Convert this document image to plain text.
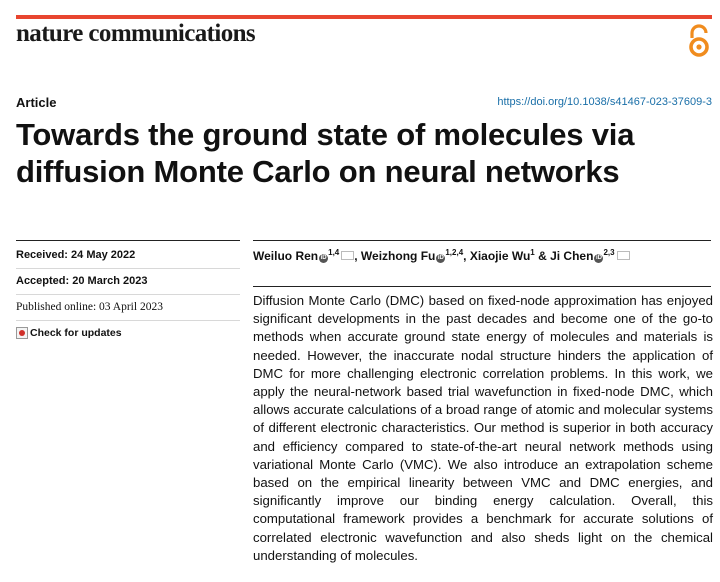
nature communications
Article	https://doi.org/10.1038/s41467-023-37609-3
Towards the ground state of molecules via diffusion Monte Carlo on neural networks
Received: 24 May 2022
Accepted: 20 March 2023
Published online: 03 April 2023
Check for updates
Weiluo Ren iD$^{1,4}$ , Weizhong Fu iD$^{1,2,4}$, Xiaojie Wu$^1$ & Ji Chen iD$^{2,3}$

Diffusion Monte Carlo (DMC) based on fixed-node approximation has enjoyed significant developments in the past decades and become one of the go-to methods when accurate ground state energy of molecules and materials is needed. However, the inaccurate nodal structure hinders the application of DMC for more challenging electronic correlation problems. In this work, we apply the neural-network based trial wavefunction in fixed-node DMC, which allows accurate calculations of a broad range of atomic and molecular systems of different electronic characteristics. Our method is superior in both accuracy and efficiency compared to state-of-the-art neural network methods using variational Monte Carlo (VMC). We also introduce an extrapolation scheme based on the empirical linearity between VMC and DMC energies, and significantly improve our binding energy calculation. Overall, this computational framework provides a benchmark for accurate solutions of correlated electronic wavefunction and also sheds light on the chemical understanding of molecules.
